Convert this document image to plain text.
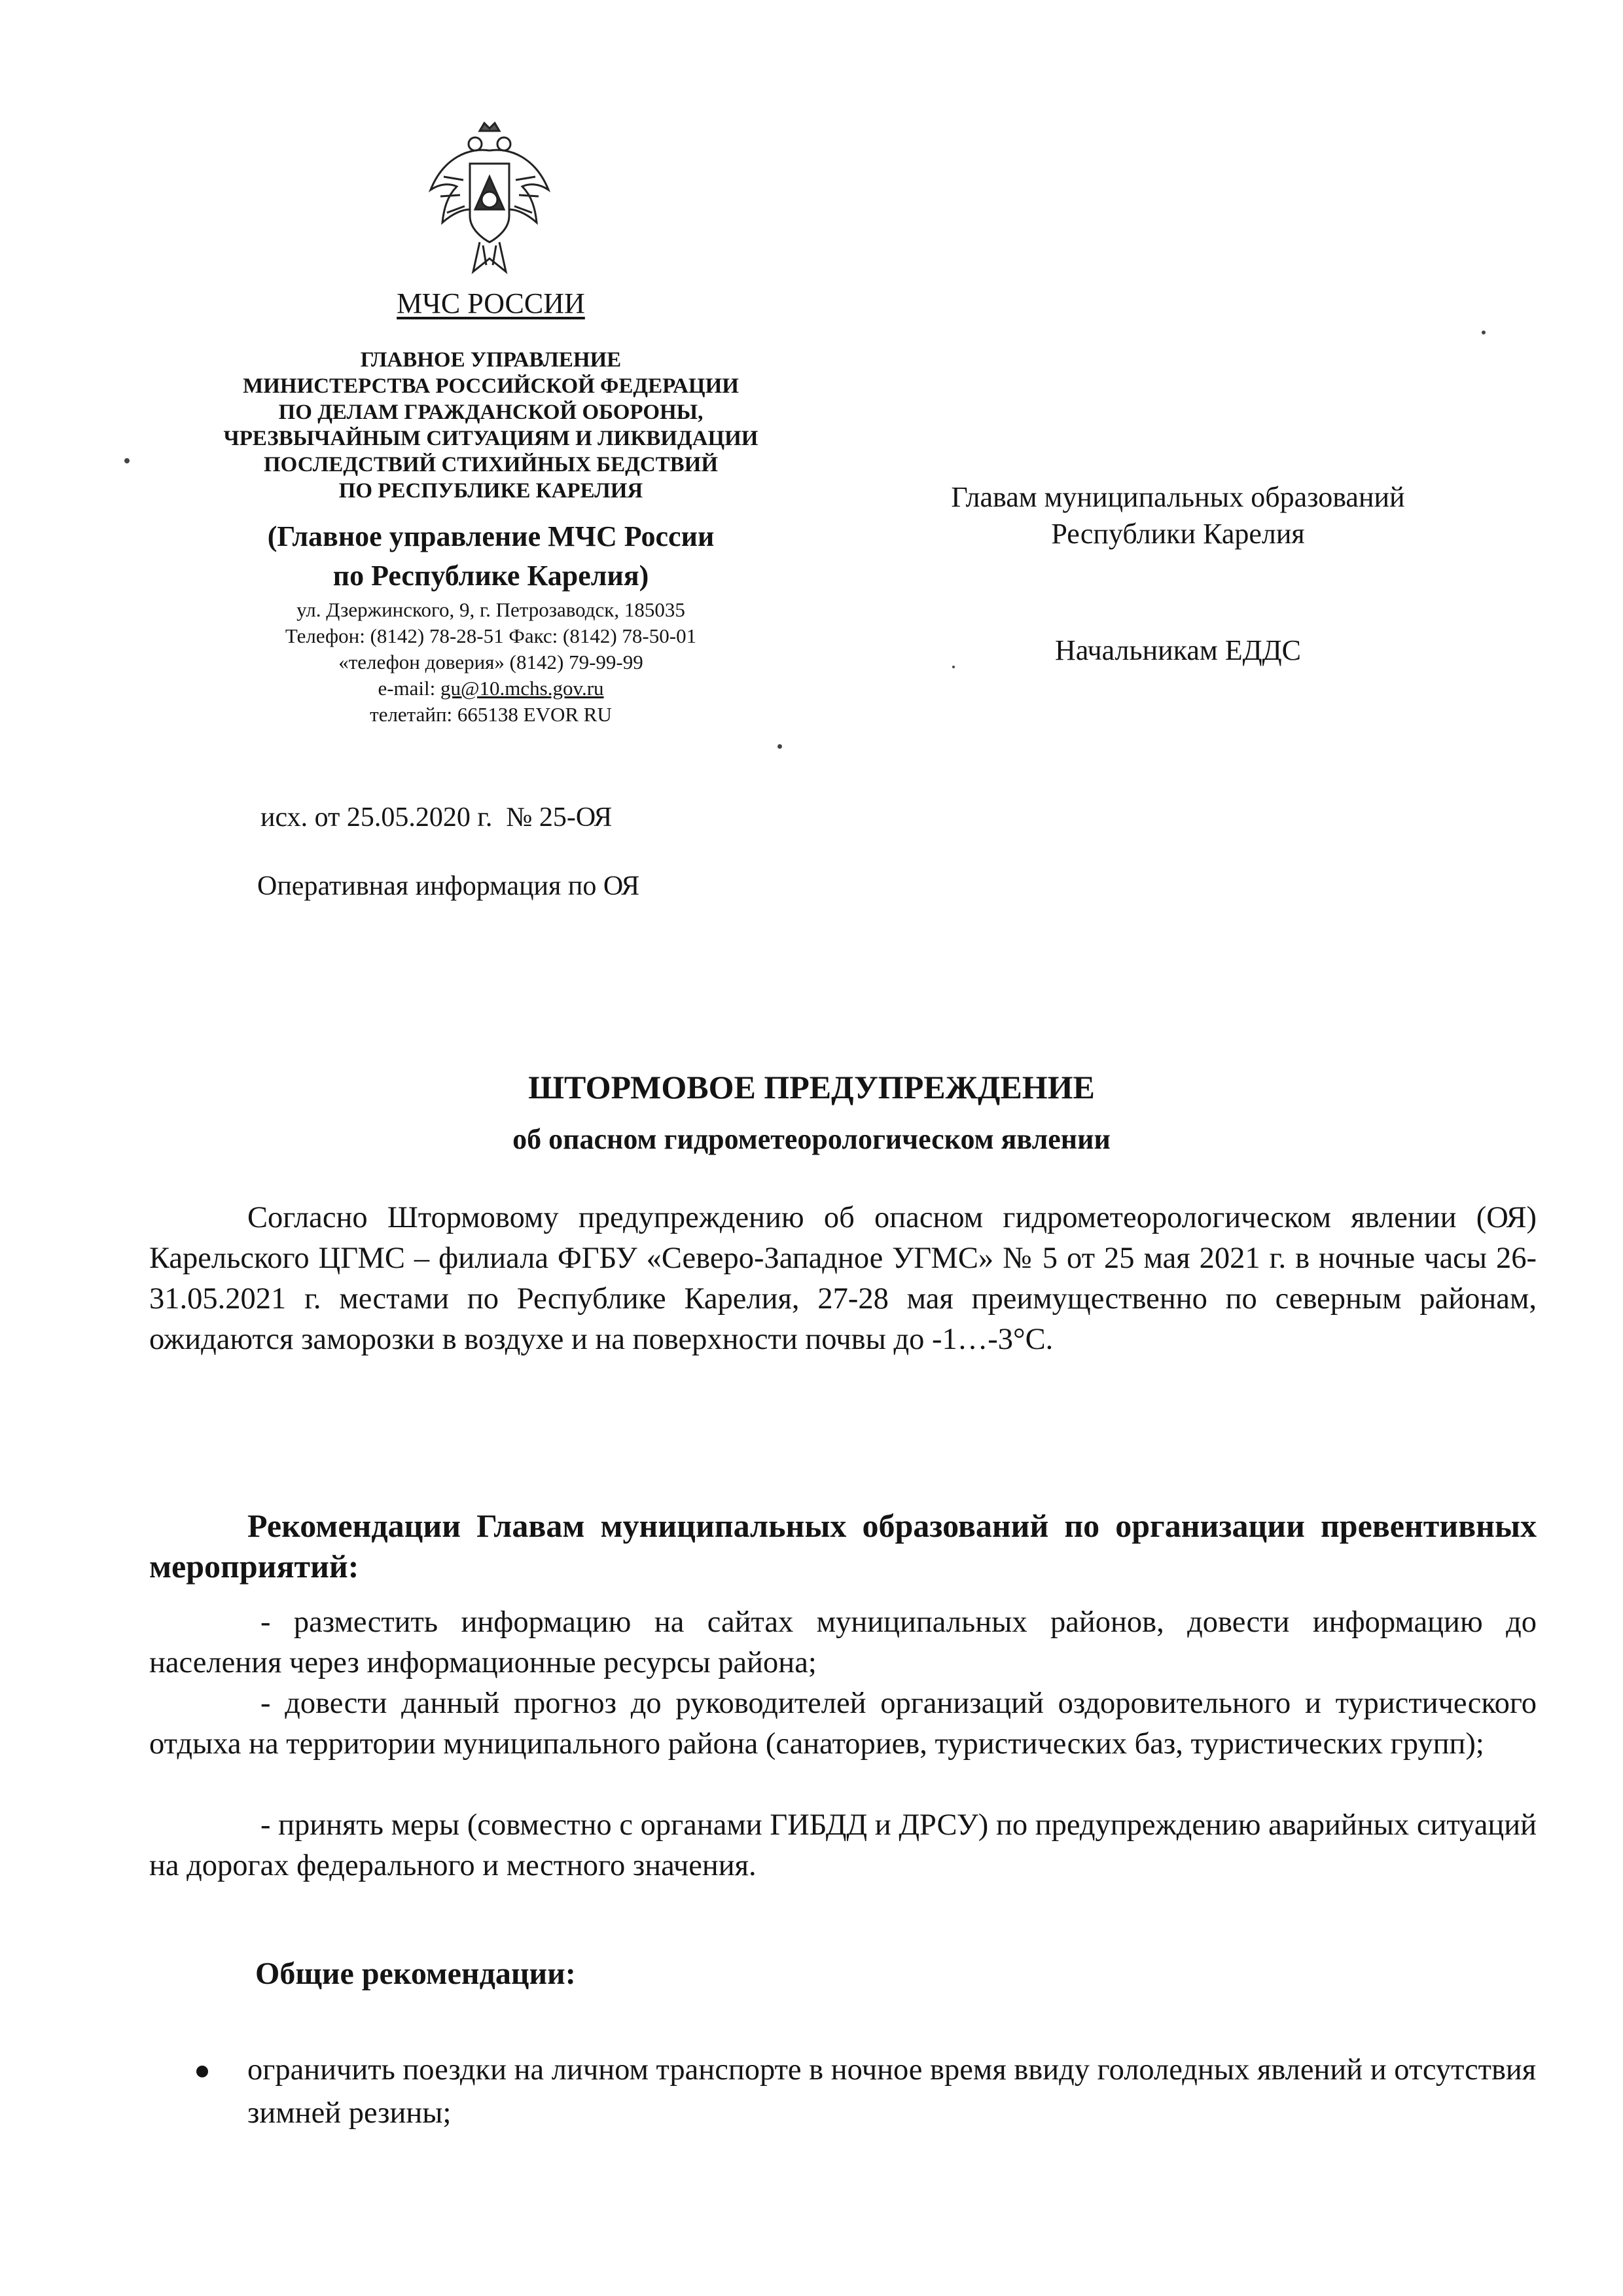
МЧС РОССИИ
ГЛАВНОЕ УПРАВЛЕНИЕ
МИНИСТЕРСТВА РОССИЙСКОЙ ФЕДЕРАЦИИ
ПО ДЕЛАМ ГРАЖДАНСКОЙ ОБОРОНЫ,
ЧРЕЗВЫЧАЙНЫМ СИТУАЦИЯМ И ЛИКВИДАЦИИ
ПОСЛЕДСТВИЙ СТИХИЙНЫХ БЕДСТВИЙ
ПО РЕСПУБЛИКЕ КАРЕЛИЯ
(Главное управление МЧС России
по Республике Карелия)
ул. Дзержинского, 9, г. Петрозаводск, 185035
Телефон: (8142) 78-28-51 Факс: (8142) 78-50-01
«телефон доверия» (8142) 79-99-99
e-mail: gu@10.mchs.gov.ru
телетайп: 665138 EVOR RU
Главам муниципальных образований
Республики Карелия
Начальникам ЕДДС
исх. от 25.05.2020 г.  № 25-ОЯ
Оперативная информация по ОЯ
ШТОРМОВОЕ ПРЕДУПРЕЖДЕНИЕ
об опасном гидрометеорологическом явлении
Согласно Штормовому предупреждению об опасном гидрометеорологическом явлении (ОЯ) Карельского ЦГМС – филиала ФГБУ «Северо-Западное УГМС» № 5 от 25 мая 2021 г. в ночные часы 26-31.05.2021 г. местами по Республике Карелия, 27-28 мая преимущественно по северным районам, ожидаются заморозки в воздухе и на поверхности почвы до -1…-3°С.
Рекомендации Главам муниципальных образований по организации превентивных мероприятий:
- разместить информацию на сайтах муниципальных районов, довести информацию до населения через информационные ресурсы района;
- довести данный прогноз до руководителей организаций оздоровительного и туристического отдыха на территории муниципального района (санаториев, туристических баз, туристических групп);
- принять меры (совместно с органами ГИБДД и ДРСУ) по предупреждению аварийных ситуаций на дорогах федерального и местного значения.
Общие рекомендации:
ограничить поездки на личном транспорте в ночное время ввиду гололедных явлений и отсутствия зимней резины;
